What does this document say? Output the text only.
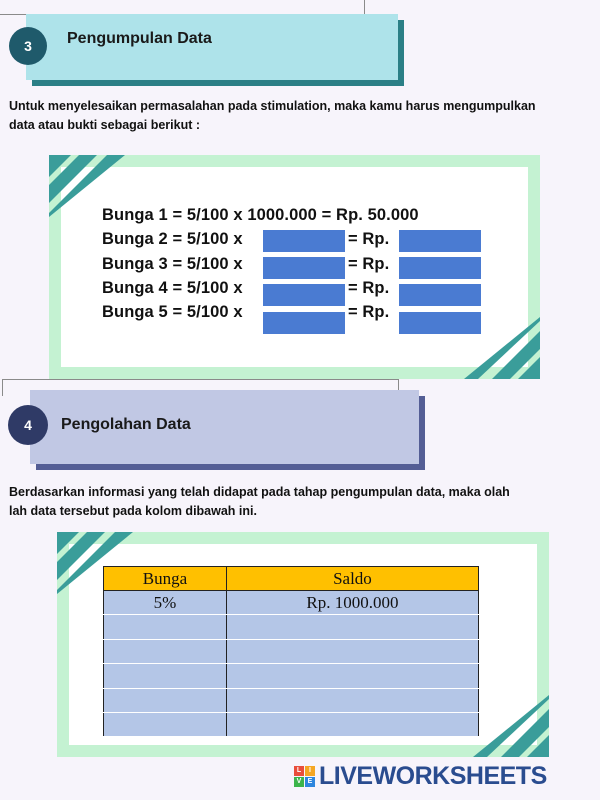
3	Pengumpulan Data
Untuk menyelesaikan permasalahan pada stimulation, maka kamu harus mengumpulkan
data atau bukti sebagai berikut :
Bunga 1 = 5/100 x 1000.000 = Rp. 50.000
Bunga 2 = 5/100 x	= Rp.
Bunga 3 = 5/100 x	= Rp.
Bunga 4 = 5/100 x	= Rp.
Bunga 5 = 5/100 x	= Rp.
4	Pengolahan Data
Berdasarkan informasi yang telah didapat pada tahap pengumpulan data, maka olah
lah data tersebut pada kolom dibawah ini.
Bunga	Saldo
5%	Rp. 1000.000

L	I
V E LIVEWORKSHEETS
